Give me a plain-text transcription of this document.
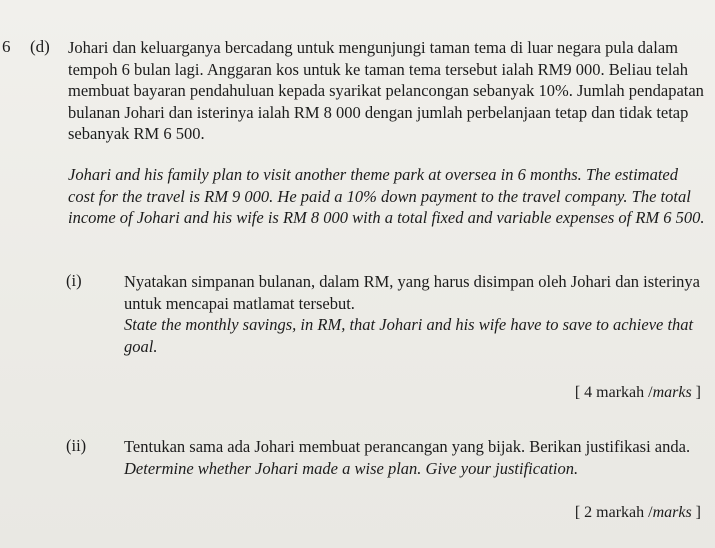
6 (d) Johari dan keluarganya bercadang untuk mengunjungi taman tema di luar negara pula dalam tempoh 6 bulan lagi. Anggaran kos untuk ke taman tema tersebut ialah RM9 000. Beliau telah membuat bayaran pendahuluan kepada syarikat pelancongan sebanyak 10%. Jumlah pendapatan bulanan Johari dan isterinya ialah RM 8 000 dengan jumlah perbelanjaan tetap dan tidak tetap sebanyak RM 6 500.

Johari and his family plan to visit another theme park at oversea in 6 months. The estimated cost for the travel is RM 9 000. He paid a 10% down payment to the travel company. The total income of Johari and his wife is RM 8 000 with a total fixed and variable expenses of RM 6 500.

(i)	Nyatakan simpanan bulanan, dalam RM, yang harus disimpan oleh Johari dan isterinya untuk mencapai matlamat tersebut.
State the monthly savings, in RM, that Johari and his wife have to save to achieve that goal.

[ 4 markah /marks ]
(ii) Tentukan sama ada Johari membuat perancangan yang bijak. Berikan justifikasi anda.
Determine whether Johari made a wise plan. Give your justification.

[ 2 markah /marks ]
